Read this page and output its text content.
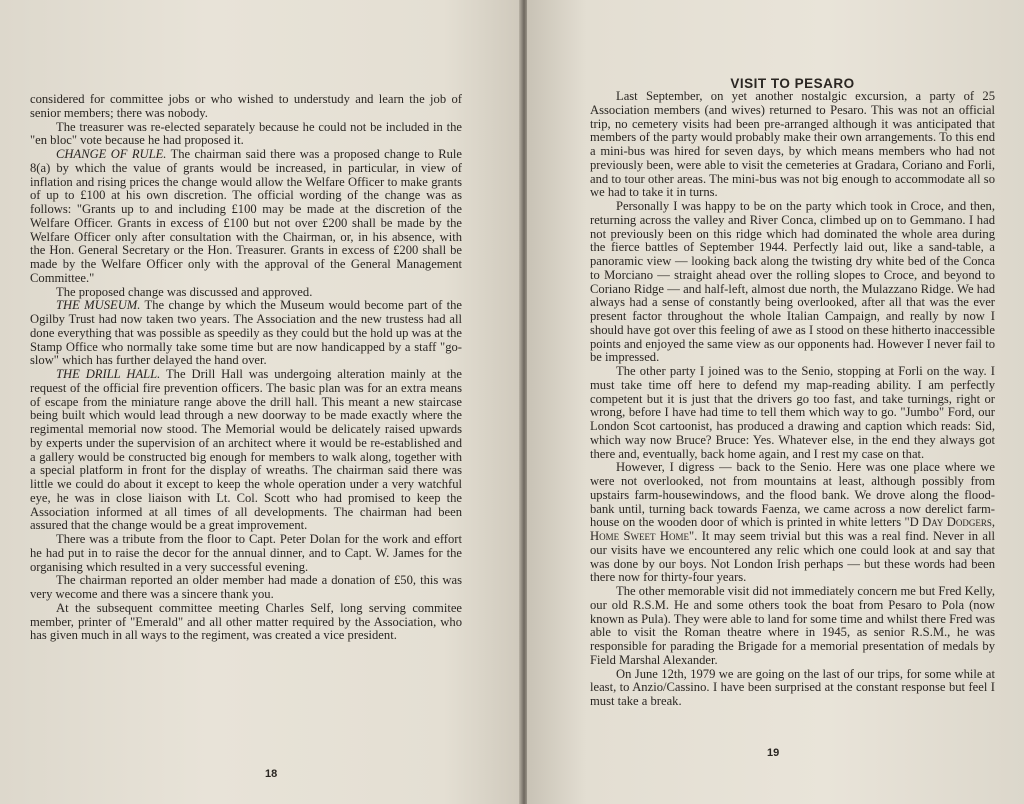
considered for committee jobs or who wished to understudy and learn the job of senior members; there was nobody.

The treasurer was re-elected separately because he could not be included in the "en bloc" vote because he had proposed it.

CHANGE OF RULE. The chairman said there was a proposed change to Rule 8(a) by which the value of grants would be increased, in particular, in view of inflation and rising prices the change would allow the Welfare Officer to make grants of up to £100 at his own discretion. The official wording of the change was as follows: "Grants up to and including £100 may be made at the discretion of the Welfare Officer. Grants in excess of £100 but not over £200 shall be made by the Welfare Officer only after consultation with the Chairman, or, in his absence, with the Hon. General Secretary or the Hon. Treasurer. Grants in excess of £200 shall be made by the Welfare Officer only with the approval of the General Management Committee."

The proposed change was discussed and approved.

THE MUSEUM. The change by which the Museum would become part of the Ogilby Trust had now taken two years. The Association and the new trustess had all done everything that was possible as speedily as they could but the hold up was at the Stamp Office who normally take some time but are now handicapped by a staff "go-slow" which has further delayed the hand over.

THE DRILL HALL. The Drill Hall was undergoing alteration mainly at the request of the official fire prevention officers. The basic plan was for an extra means of escape from the miniature range above the drill hall. This meant a new staircase being built which would lead through a new doorway to be made exactly where the regimental memorial now stood. The Memorial would be delicately raised upwards by experts under the supervision of an architect where it would be re-established and a gallery would be constructed big enough for members to walk along, together with a special platform in front for the display of wreaths. The chairman said there was little we could do about it except to keep the whole operation under a very watchful eye, he was in close liaison with Lt. Col. Scott who had promised to keep the Association informed at all times of all developments. The chairman had been assured that the change would be a great improvement.

There was a tribute from the floor to Capt. Peter Dolan for the work and effort he had put in to raise the decor for the annual dinner, and to Capt. W. James for the organising which resulted in a very successful evening.

The chairman reported an older member had made a donation of £50, this was very wecome and there was a sincere thank you.

At the subsequent committee meeting Charles Self, long serving commitee member, printer of "Emerald" and all other matter required by the Association, who has given much in all ways to the regiment, was created a vice president.

18
VISIT TO PESARO

Last September, on yet another nostalgic excursion, a party of 25 Association members (and wives) returned to Pesaro. This was not an official trip, no cemetery visits had been pre-arranged although it was anticipated that members of the party would probably make their own arrangements. To this end a mini-bus was hired for seven days, by which means members who had not previously been, were able to visit the cemeteries at Gradara, Coriano and Forli, and to tour other areas. The mini-bus was not big enough to accommodate all so we had to take it in turns.

Personally I was happy to be on the party which took in Croce, and then, returning across the valley and River Conca, climbed up on to Gemmano. I had not previously been on this ridge which had dominated the whole area during the fierce battles of September 1944. Perfectly laid out, like a sand-table, a panoramic view — looking back along the twisting dry white bed of the Conca to Morciano — straight ahead over the rolling slopes to Croce, and beyond to Coriano Ridge — and half-left, almost due north, the Mulazzano Ridge. We had always had a sense of constantly being overlooked, after all that was the ever present factor throughout the whole Italian Campaign, and really by now I should have got over this feeling of awe as I stood on these hitherto inaccessible points and enjoyed the same view as our opponents had. However I never fail to be impressed.

The other party I joined was to the Senio, stopping at Forli on the way. I must take time off here to defend my map-reading ability. I am perfectly competent but it is just that the drivers go too fast, and take turnings, right or wrong, before I have had time to tell them which way to go. "Jumbo" Ford, our London Scot cartoonist, has produced a drawing and caption which reads: Sid, which way now Bruce? Bruce: Yes. Whatever else, in the end they always got there and, eventually, back home again, and I rest my case on that.

However, I digress — back to the Senio. Here was one place where we were not overlooked, not from mountains at least, although possibly from upstairs farm-housewindows, and the flood bank. We drove along the flood-bank until, turning back towards Faenza, we came across a now derelict farm-house on the wooden door of which is printed in white letters "D Day Dodgers, Home Sweet Home". It may seem trivial but this was a real find. Never in all our visits have we encountered any relic which one could look at and say that was done by our boys. Not London Irish perhaps — but these words had been there now for thirty-four years.

The other memorable visit did not immediately concern me but Fred Kelly, our old R.S.M. He and some others took the boat from Pesaro to Pola (now known as Pula). They were able to land for some time and whilst there Fred was able to visit the Roman theatre where in 1945, as senior R.S.M., he was responsible for parading the Brigade for a memorial presentation of medals by Field Marshal Alexander.

On June 12th, 1979 we are going on the last of our trips, for some while at least, to Anzio/Cassino. I have been surprised at the constant response but feel I must take a break.

19
